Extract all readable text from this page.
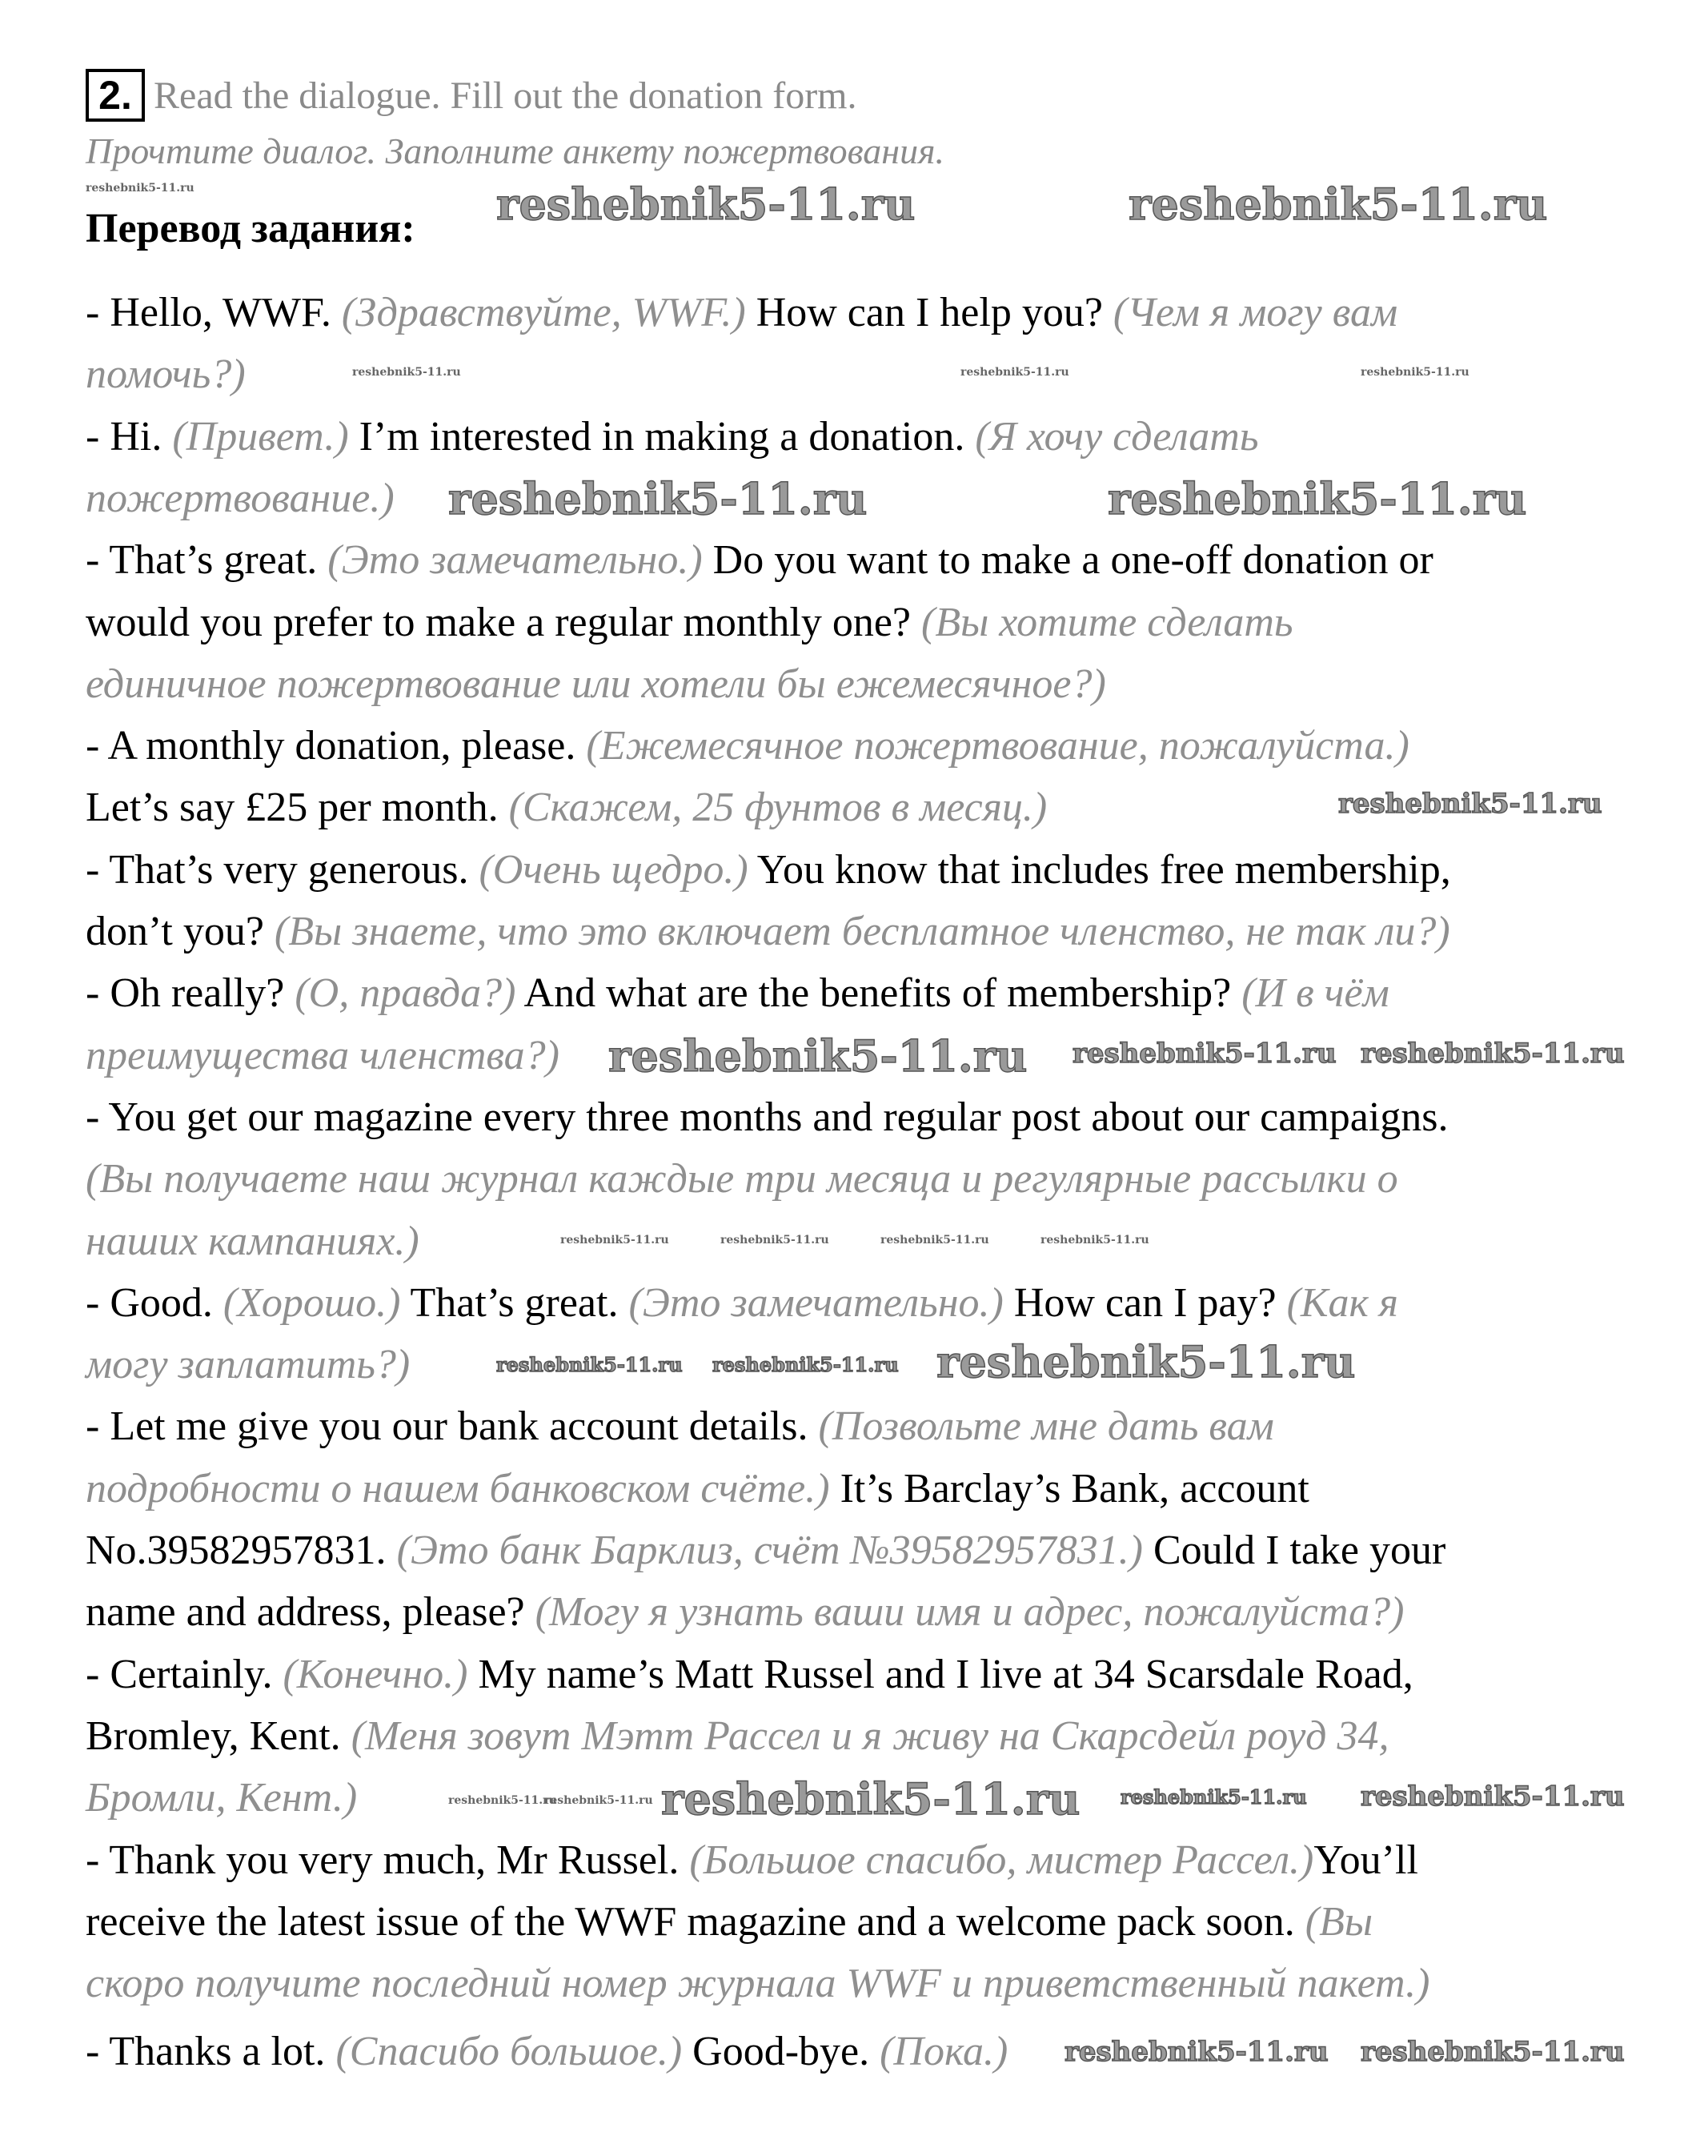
2. Read the dialogue. Fill out the donation form.
Прочтите диалог. Заполните анкету пожертвования.
Перевод задания:
- Hello, WWF. (Здравствуйте, WWF.) How can I help you? (Чем я могу вам
помочь?)
- Hi. (Привет.) I’m interested in making a donation. (Я хочу сделать
пожертвование.)
- That’s great. (Это замечательно.) Do you want to make a one-off donation or
would you prefer to make a regular monthly one? (Вы хотите сделать
единичное пожертвование или хотели бы ежемесячное?)
- A monthly donation, please. (Ежемесячное пожертвование, пожалуйста.)
Let’s say £25 per month. (Скажем, 25 фунтов в месяц.)
- That’s very generous. (Очень щедро.) You know that includes free membership,
don’t you? (Вы знаете, что это включает бесплатное членство, не так ли?)
- Oh really? (О, правда?) And what are the benefits of membership? (И в чём
преимущества членства?)
- You get our magazine every three months and regular post about our campaigns.
(Вы получаете наш журнал каждые три месяца и регулярные рассылки о
наших кампаниях.)
- Good. (Хорошо.) That’s great. (Это замечательно.) How can I pay? (Как я
могу заплатить?)
- Let me give you our bank account details. (Позвольте мне дать вам
подробности о нашем банковском счёте.) It’s Barclay’s Bank, account
No.39582957831. (Это банк Барклиз, счёт №39582957831.) Could I take your
name and address, please? (Могу я узнать ваши имя и адрес, пожалуйста?)
- Certainly. (Конечно.) My name’s Matt Russel and I live at 34 Scarsdale Road,
Bromley, Kent. (Меня зовут Мэтт Рассел и я живу на Скарсдейл роуд 34,
Бромли, Кент.)
- Thank you very much, Mr Russel. (Большое спасибо, мистер Рассел.)You’ll
receive the latest issue of the WWF magazine and a welcome pack soon. (Вы
скоро получите последний номер журнала WWF и приветственный пакет.)
- Thanks a lot. (Спасибо большое.) Good-bye. (Пока.)
reshebnik5-11.ru	reshebnik5-11.ru
reshebnik5-11.ru	reshebnik5-11.ru
reshebnik5-11.ru
reshebnik5-11.ru
reshebnik5-11.ru
reshebnik5-11.ru
reshebnik5-11.ru
reshebnik5-11.ru
reshebnik5-11.ru
reshebnik5-11.ru
reshebnik5-11.ru
reshebnik5-11.ru reshebnik5-11.ru
reshebnik5-11.ru
reshebnik5-11.ru
reshebnik5-11.ru
reshebnik5-11.ru	reshebnik5-11.ru	reshebnik5-11.ru
reshebnik5-11.ru	reshebnik5-11.ru	reshebnik5-11.ru	reshebnik5-11.ru
reshebnik5-11.ru
